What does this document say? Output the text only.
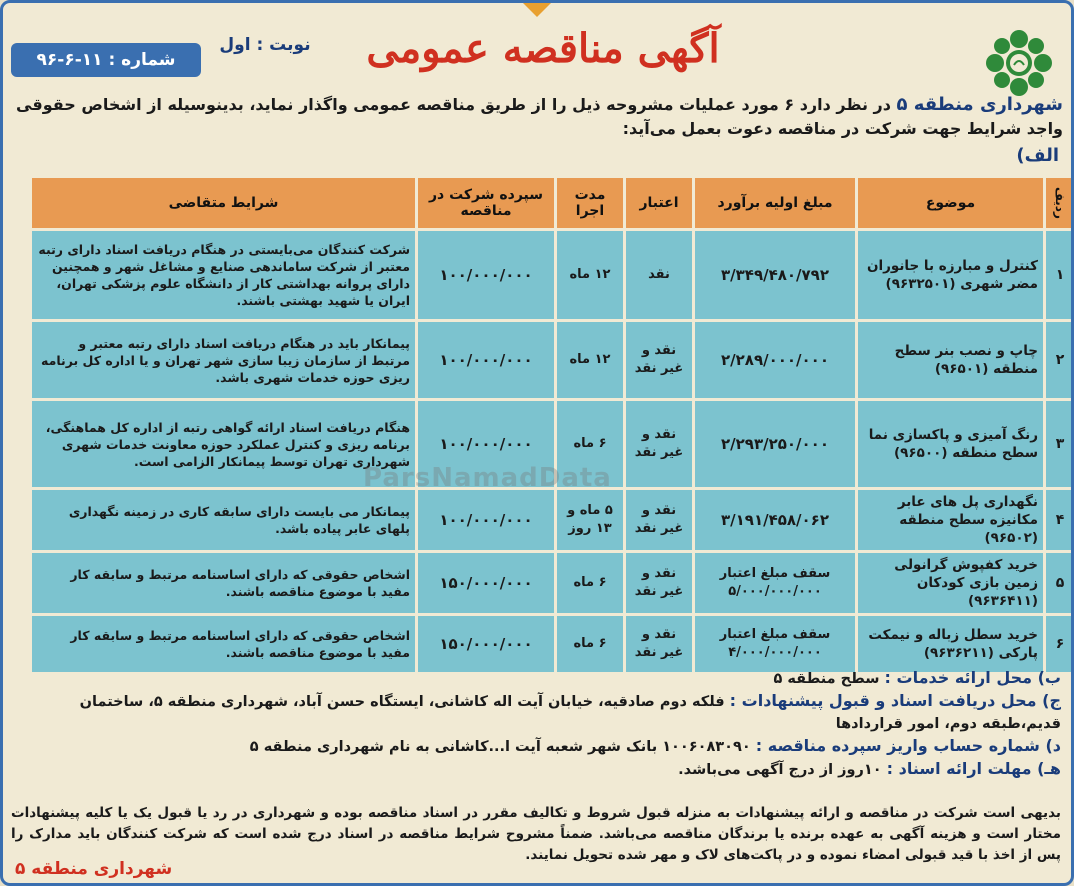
شماره : ۱۱-۶-۹۶
نوبت : اول	آگهی مناقصه عمومی
شهرداری منطقه ۵ در نظر دارد ۶ مورد عملیات مشروحه ذیل را از طریق مناقصه عمومی واگذار نماید، بدینوسیله از اشخاص حقوقی واجد شرایط جهت شرکت در مناقصه دعوت بعمل می‌آید:
الف)
ردیف	موضوع	مبلغ اولیه برآورد	اعتبار	مدت اجرا	سپرده شرکت در مناقصه	شرایط متقاضی
۱	کنترل و مبارزه با جانوران مضر شهری (۹۶۳۲۵۰۱)	۳/۳۴۹/۴۸۰/۷۹۲	نقد	۱۲ ماه	۱۰۰/۰۰۰/۰۰۰	شرکت کنندگان می‌بایستی در هنگام دریافت اسناد دارای رتبه معتبر از شرکت ساماندهی صنایع و مشاغل شهر و همچنین دارای پروانه بهداشتی کار از دانشگاه علوم پزشکی تهران، ایران یا شهید بهشتی باشند.
۲	چاپ و نصب بنر سطح منطقه (۹۶۵۰۱)	۲/۲۸۹/۰۰۰/۰۰۰	نقد و غیر نقد	۱۲ ماه	۱۰۰/۰۰۰/۰۰۰	پیمانکار باید در هنگام دریافت اسناد دارای رتبه معتبر و مرتبط از سازمان زیبا سازی شهر تهران و یا اداره کل برنامه ریزی حوزه خدمات شهری باشد.
۳	رنگ آمیزی و پاکسازی نما سطح منطقه (۹۶۵۰۰)	۲/۲۹۳/۲۵۰/۰۰۰	نقد و غیر نقد	۶ ماه	۱۰۰/۰۰۰/۰۰۰	هنگام دریافت اسناد ارائه گواهی رتبه از اداره کل هماهنگی، برنامه ریزی و کنترل عملکرد حوزه معاونت خدمات شهری شهرداری تهران توسط پیمانکار الزامی است.
۴	نگهداری پل های عابر مکانیزه سطح منطقه (۹۶۵۰۲)	۳/۱۹۱/۴۵۸/۰۶۲	نقد و غیر نقد	۵ ماه و ۱۳ روز	۱۰۰/۰۰۰/۰۰۰	پیمانکار می بایست دارای سابقه کاری در زمینه نگهداری پلهای عابر پیاده باشد.
۵	خرید کفپوش گرانولی زمین بازی کودکان (۹۶۳۶۴۱۱)	سقف مبلغ اعتبار ۵/۰۰۰/۰۰۰/۰۰۰	نقد و غیر نقد	۶ ماه	۱۵۰/۰۰۰/۰۰۰	اشخاص حقوقی که دارای اساسنامه مرتبط و سابقه کار مفید با موضوع مناقصه باشند.
۶	خرید سطل زباله و نیمکت پارکی (۹۶۳۶۲۱۱)	سقف مبلغ اعتبار ۴/۰۰۰/۰۰۰/۰۰۰	نقد و غیر نقد	۶ ماه	۱۵۰/۰۰۰/۰۰۰	اشخاص حقوقی که دارای اساسنامه مرتبط و سابقه کار مفید با موضوع مناقصه باشند.
ParsNamadData
ب) محل ارائه خدمات : سطح منطقه ۵
ج) محل دریافت اسناد و قبول پیشنهادات : فلکه دوم صادقیه، خیابان آیت اله کاشانی، ایستگاه حسن آباد، شهرداری منطقه ۵، ساختمان
قدیم،طبقه دوم، امور قراردادها
د) شماره حساب واریز سپرده مناقصه : ۱۰۰۶۰۸۳۰۹۰ بانک شهر شعبه آیت ا...کاشانی به نام شهرداری منطقه ۵
هـ) مهلت ارائه اسناد : ۱۰روز از درج آگهی می‌باشد.
بدیهی است شرکت در مناقصه و ارائه پیشنهادات به منزله قبول شروط و تکالیف مقرر در اسناد مناقصه بوده و شهرداری در رد یا قبول یک یا کلیه پیشنهادات مختار است و هزینه آگهی به عهده برنده یا برندگان مناقصه می‌باشد. ضمناً مشروح شرایط مناقصه در اسناد درج شده است که شرکت کنندگان باید مدارک را پس از اخذ با قید قبولی امضاء نموده و در پاکت‌های لاک و مهر شده تحویل نمایند.
شهرداری منطقه ۵
